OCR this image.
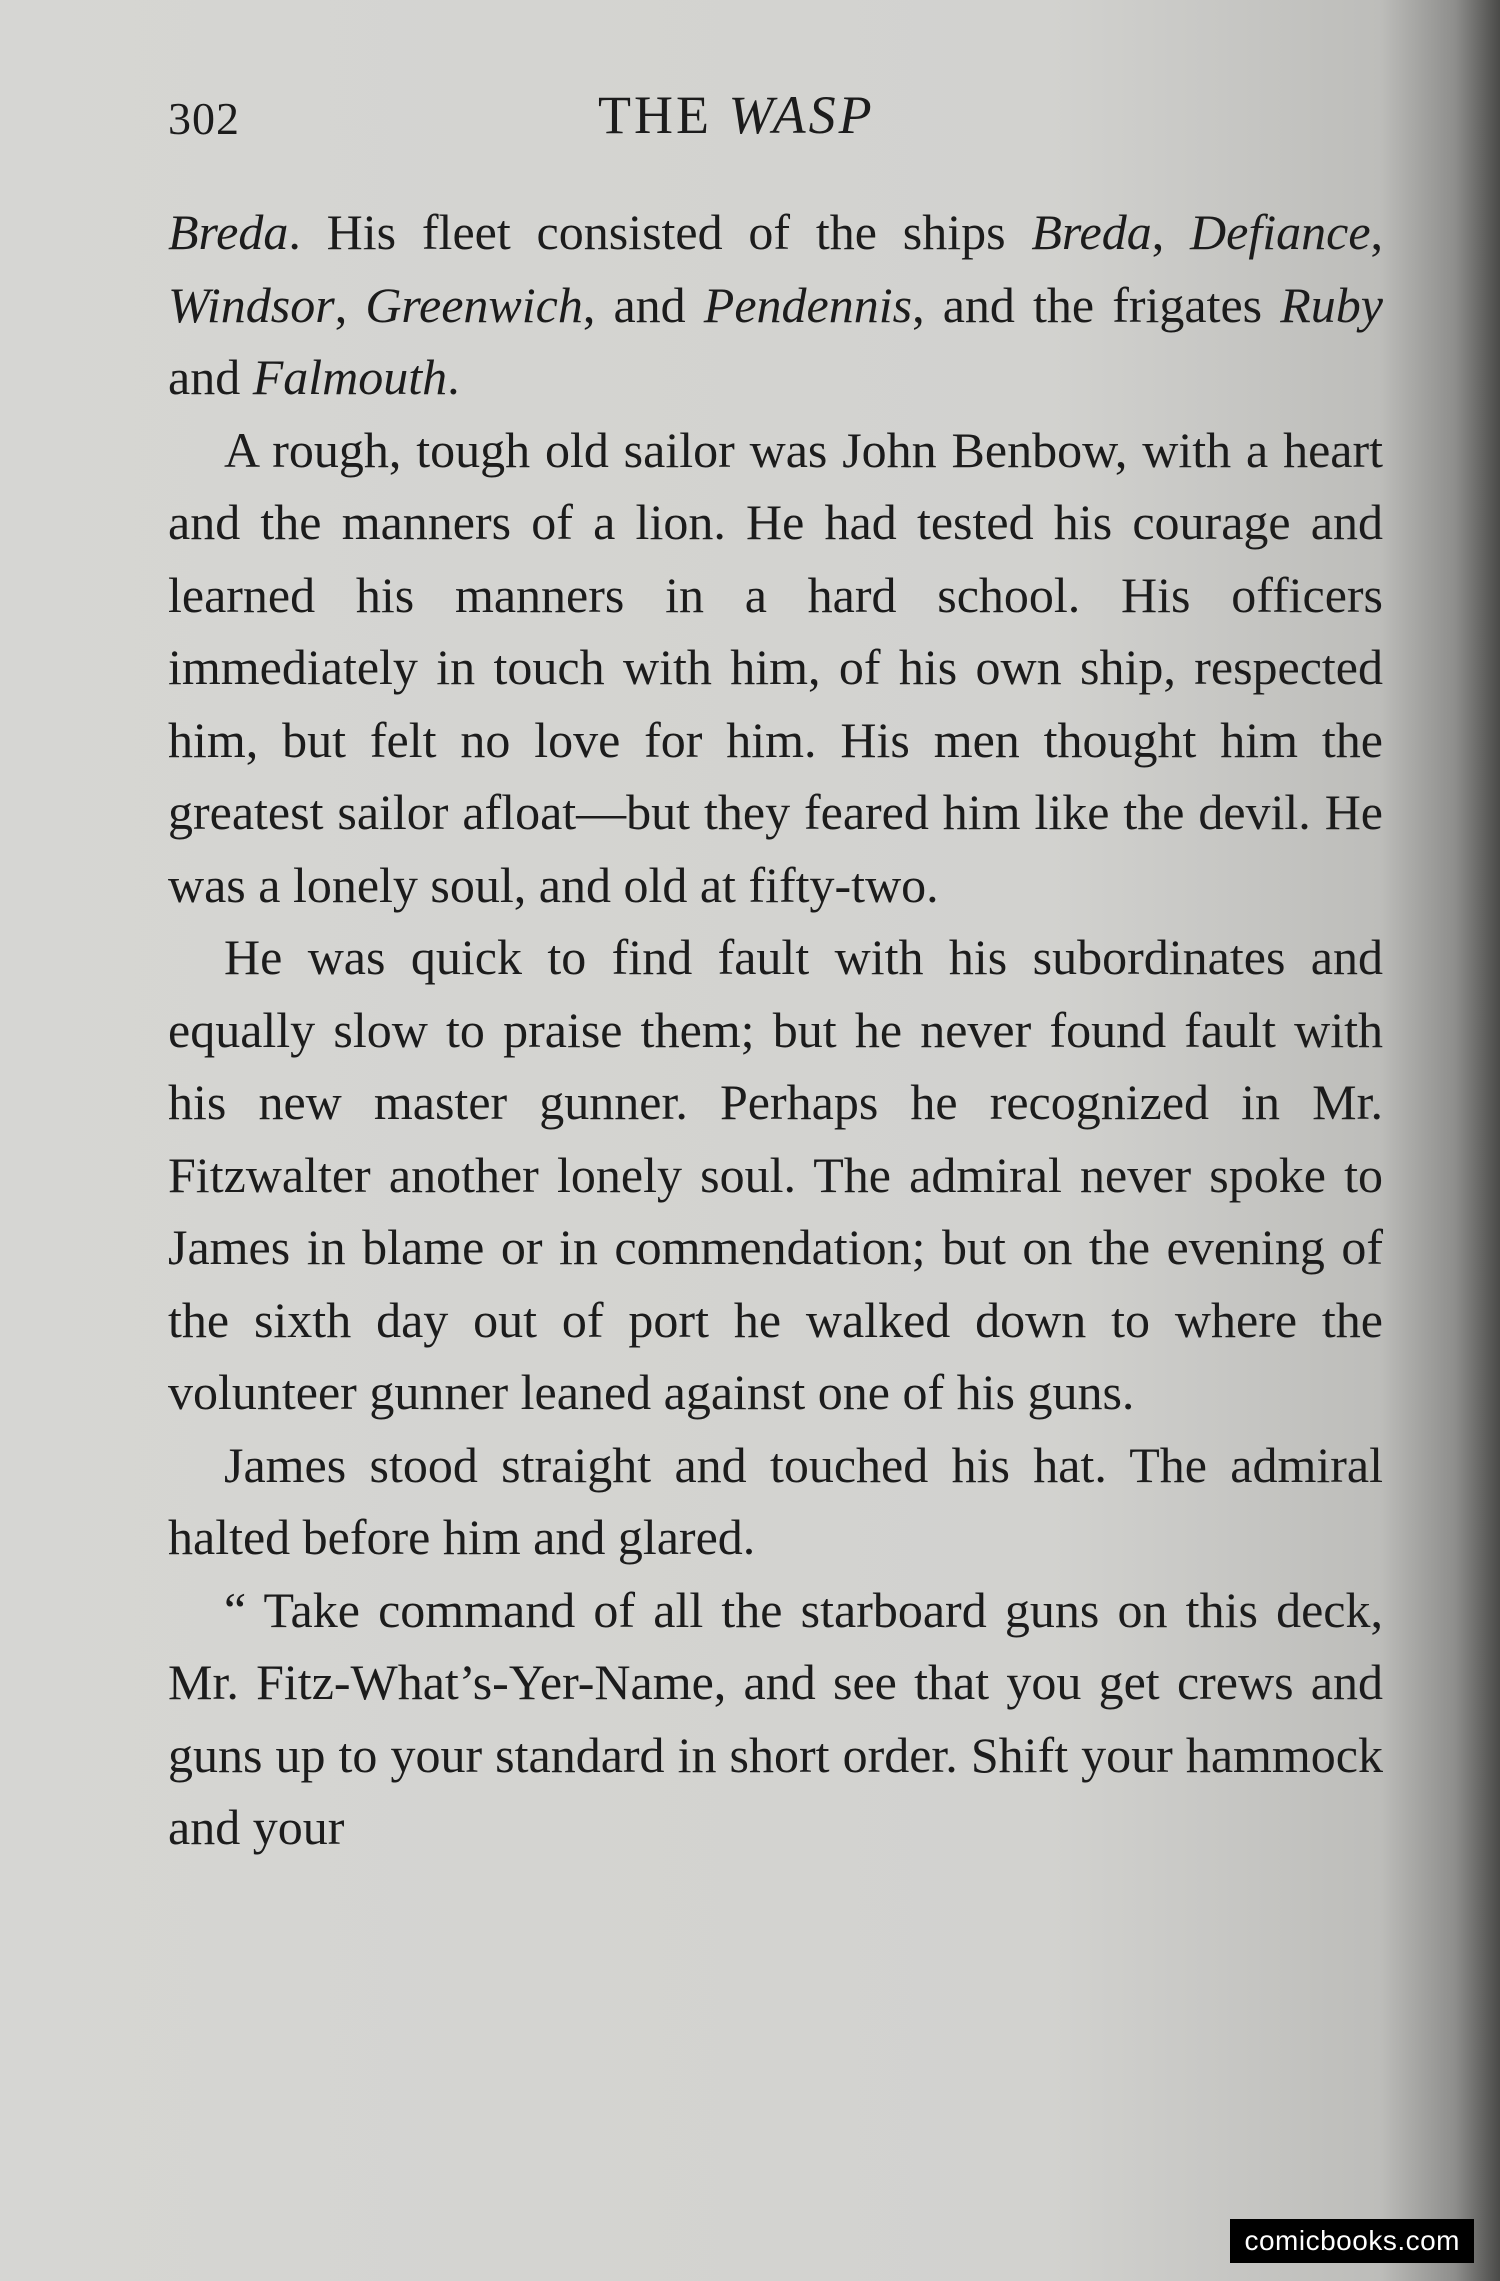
302	THE WASP

Breda. His fleet consisted of the ships Breda, Defiance, Windsor, Greenwich, and Pendennis, and the frigates Ruby and Falmouth.

A rough, tough old sailor was John Benbow, with a heart and the manners of a lion. He had tested his courage and learned his manners in a hard school. His officers immediately in touch with him, of his own ship, respected him, but felt no love for him. His men thought him the greatest sailor afloat—but they feared him like the devil. He was a lonely soul, and old at fifty-two.

He was quick to find fault with his subordinates and equally slow to praise them; but he never found fault with his new master gunner. Perhaps he recognized in Mr. Fitzwalter another lonely soul. The admiral never spoke to James in blame or in commendation; but on the evening of the sixth day out of port he walked down to where the volunteer gunner leaned against one of his guns.

James stood straight and touched his hat. The admiral halted before him and glared.

“ Take command of all the starboard guns on this deck, Mr. Fitz-What’s-Yer-Name, and see that you get crews and guns up to your standard in short order. Shift your hammock and your

comicbooks.com
